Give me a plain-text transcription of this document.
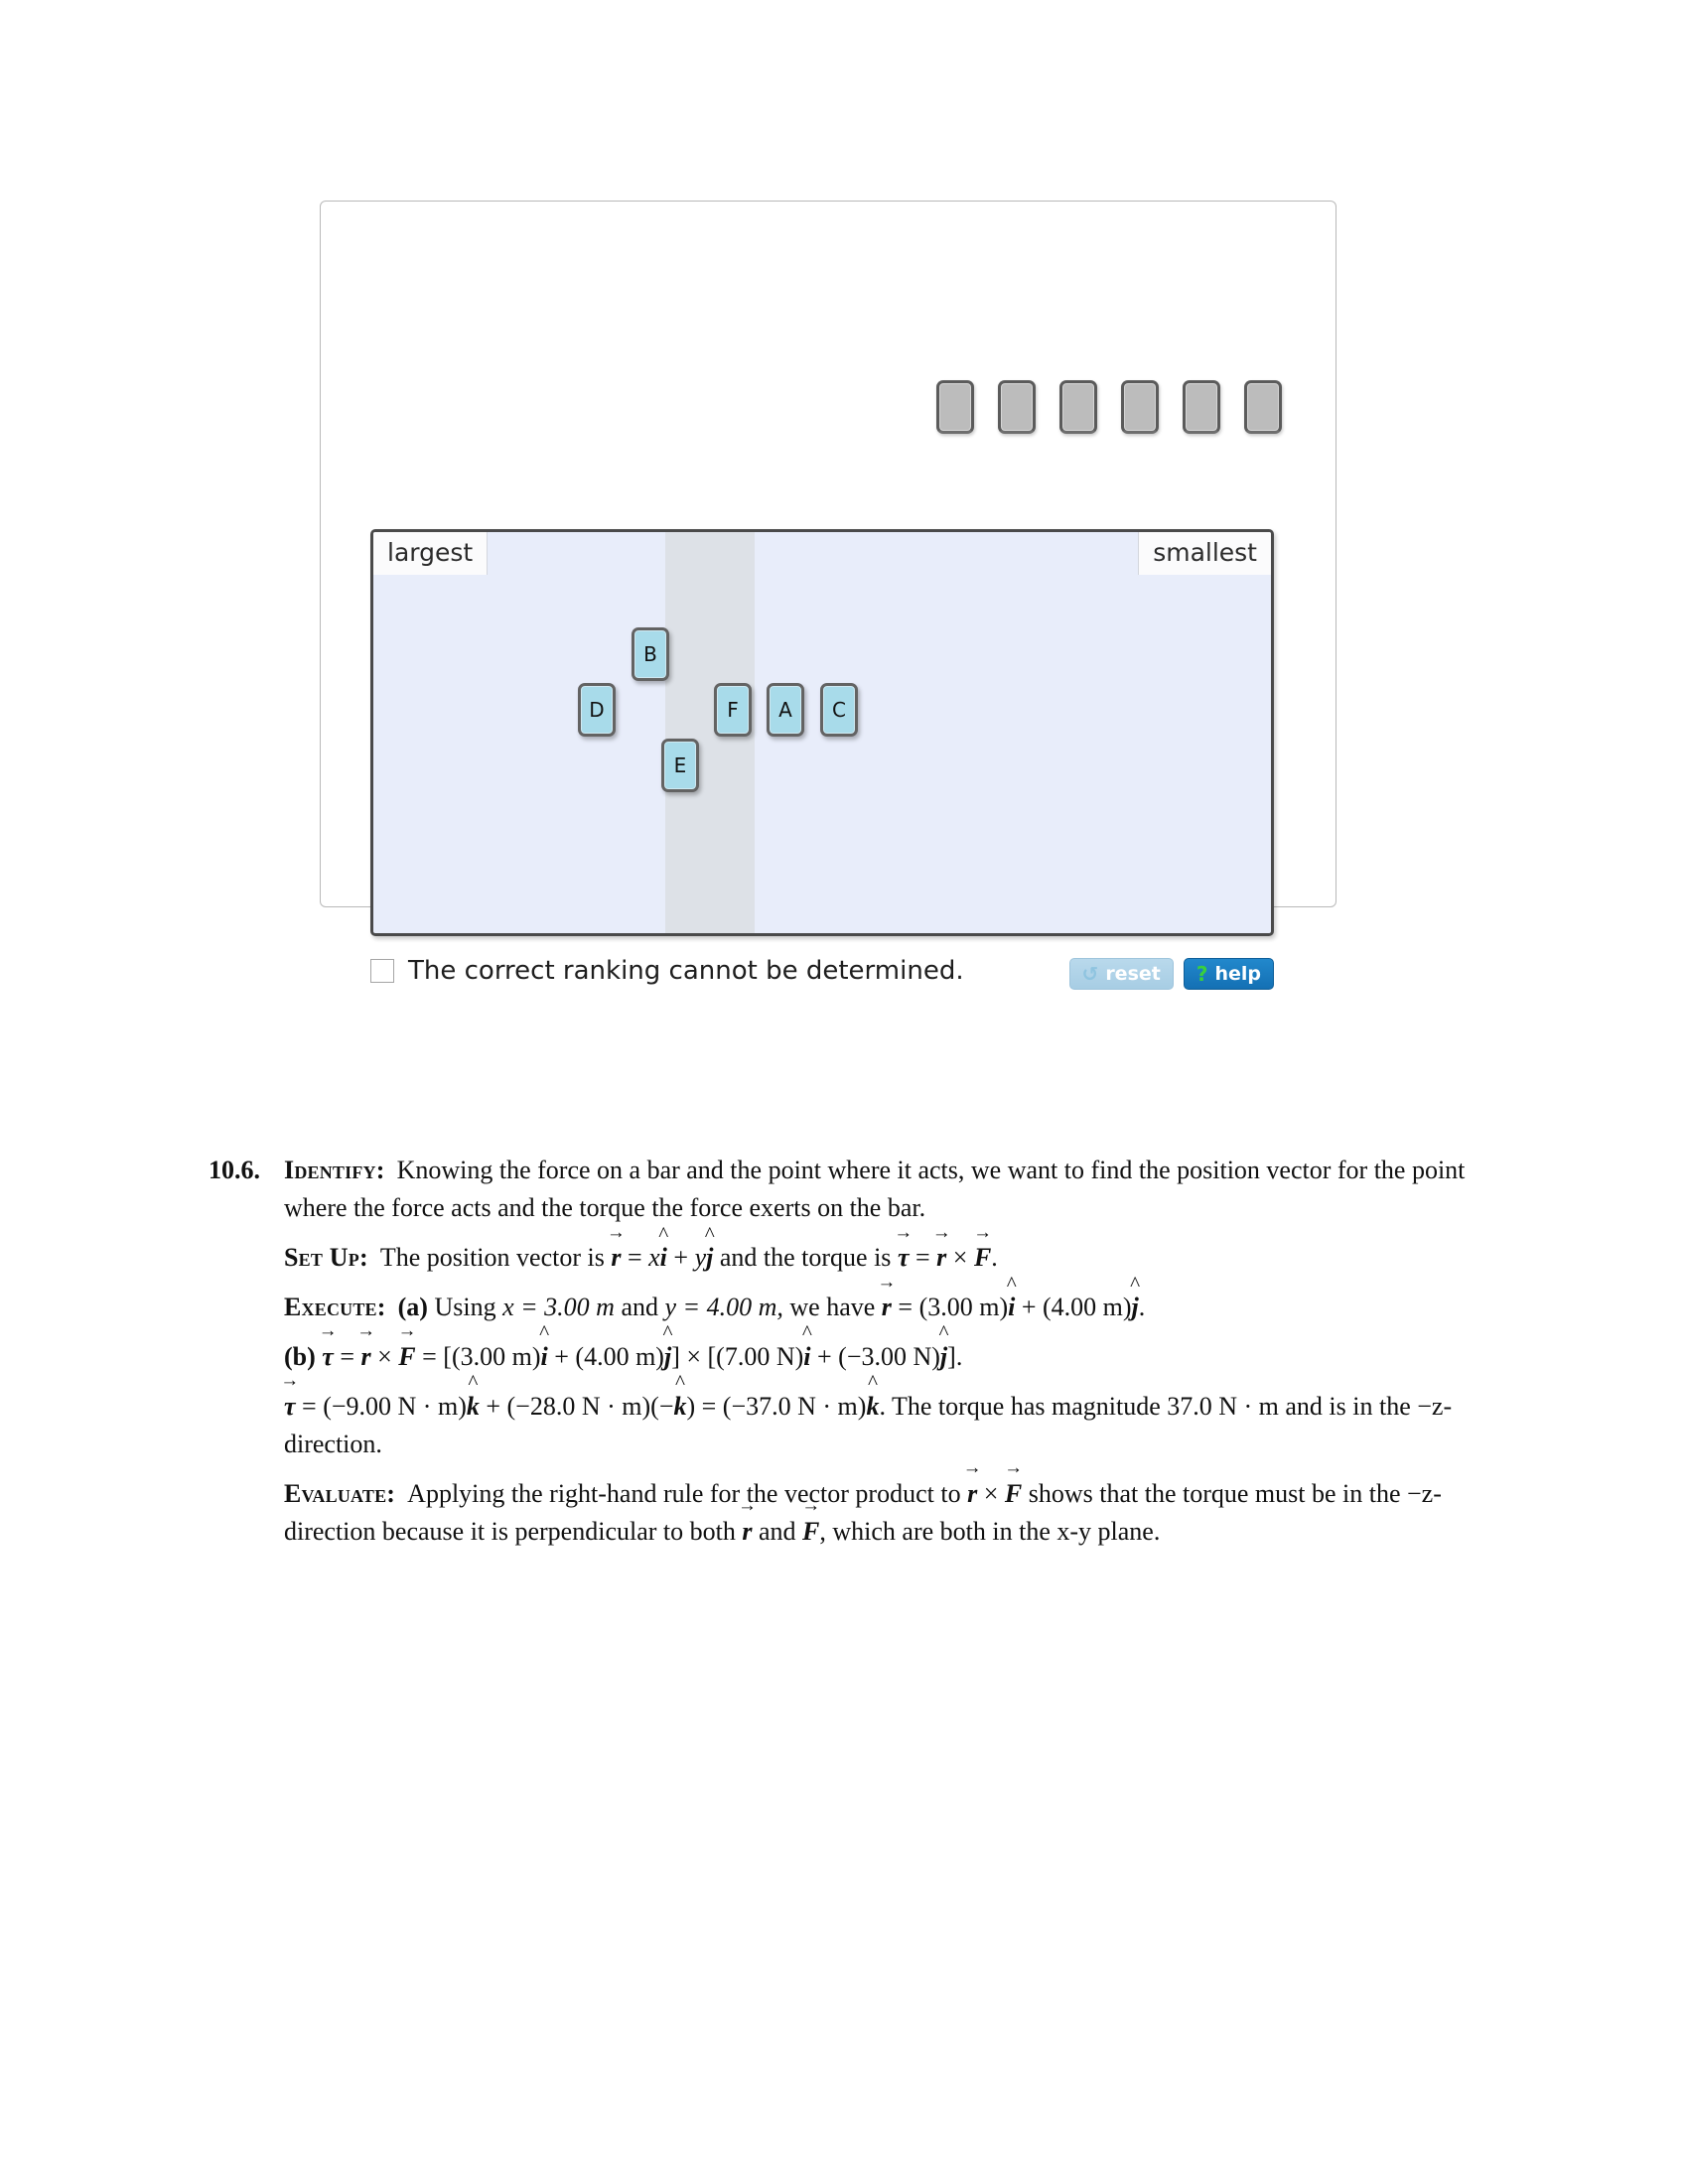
largest	smallest
B
D	F	A	C
E
The correct ranking cannot be determined.	↺ reset ? help
10.6. Identify: Knowing the force on a bar and the point where it acts, we want to find the position vector for the point where the force acts and the torque the force exerts on the bar.

Set Up: The position vector is r → = xi ^ + yj ^ and the torque is τ → = r → × F →.

Execute: (a) Using x = 3.00 m and y = 4.00 m, we have r → = (3.00 m)i ^ + (4.00 m)j ^.

(b) τ → = r → × F → = [(3.00 m)i ^ + (4.00 m)j ^] × [(7.00 N)i ^ + (−3.00 N)j ^].

τ → = (−9.00 N · m)k ^ + (−28.0 N · m)(−k ^) = (−37.0 N · m)k ^. The torque has magnitude 37.0 N · m and is in the −z-direction.

Evaluate: Applying the right-hand rule for the vector product to r → × F → shows that the torque must be in the −z-direction because it is perpendicular to both r → and F →, which are both in the x-y plane.
